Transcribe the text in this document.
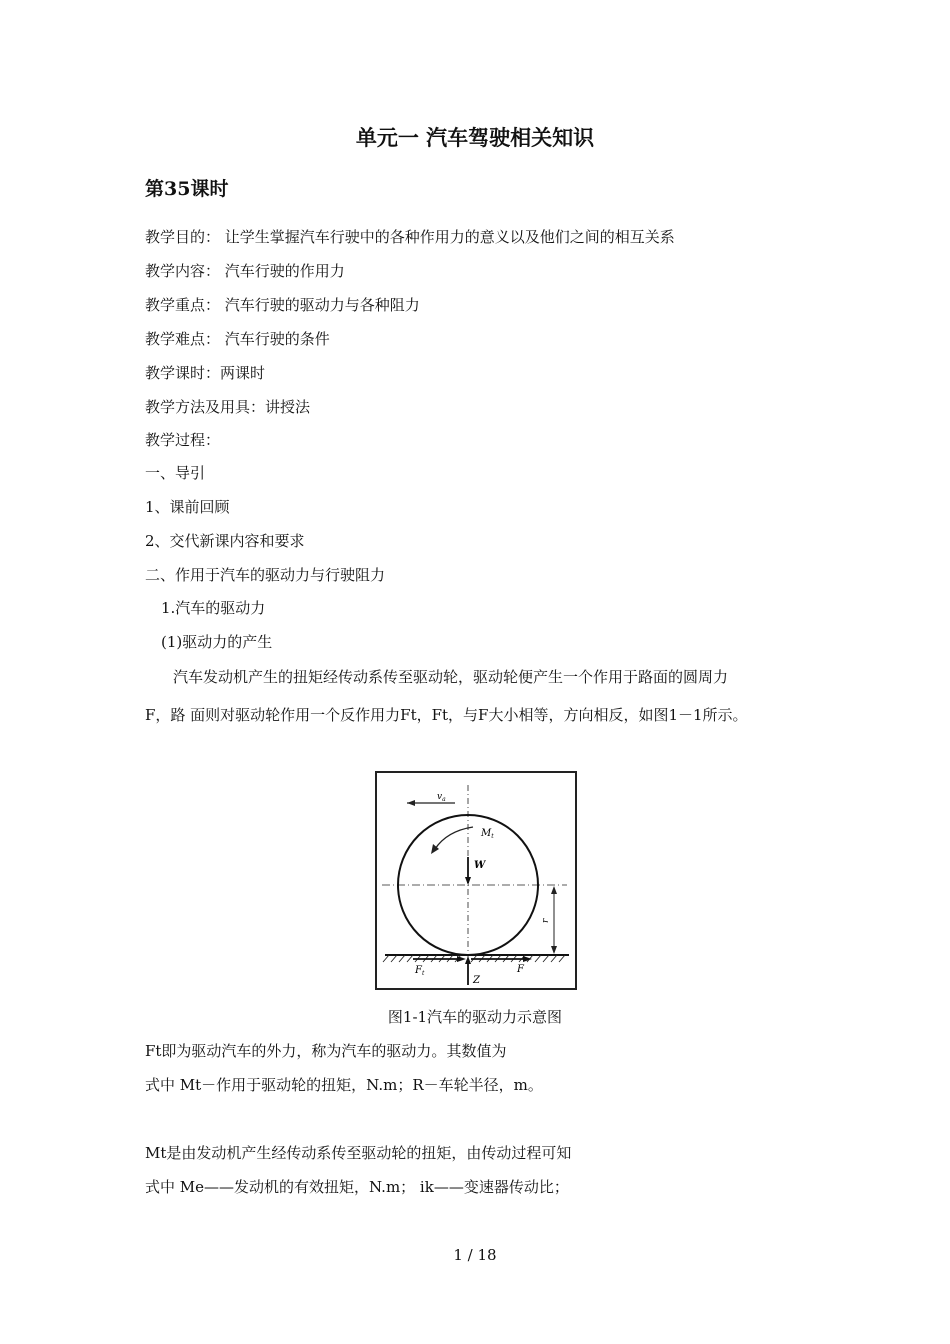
单元一 汽车驾驶相关知识
第35课时
教学目的： 让学生掌握汽车行驶中的各种作用力的意义以及他们之间的相互关系
教学内容： 汽车行驶的作用力
教学重点： 汽车行驶的驱动力与各种阻力
教学难点： 汽车行驶的条件
教学课时：两课时
教学方法及用具：讲授法
教学过程：
一、导引
1、课前回顾
2、交代新课内容和要求
二、作用于汽车的驱动力与行驶阻力
1.汽车的驱动力
(1)驱动力的产生
汽车发动机产生的扭矩经传动系传至驱动轮，驱动轮便产生一个作用于路面的圆周力
F，路 面则对驱动轮作用一个反作用力Ft，Ft，与F大小相等，方向相反，如图1－1所示。
$v_a$
$M_t$
W
r
$F_t$	F
Z
图1-1汽车的驱动力示意图
Ft即为驱动汽车的外力，称为汽车的驱动力。其数值为
式中 Mt－作用于驱动轮的扭矩，N.m；R－车轮半径，m。
Mt是由发动机产生经传动系传至驱动轮的扭矩，由传动过程可知
式中 Me——发动机的有效扭矩，N.m； ik——变速器传动比；
1 / 18
